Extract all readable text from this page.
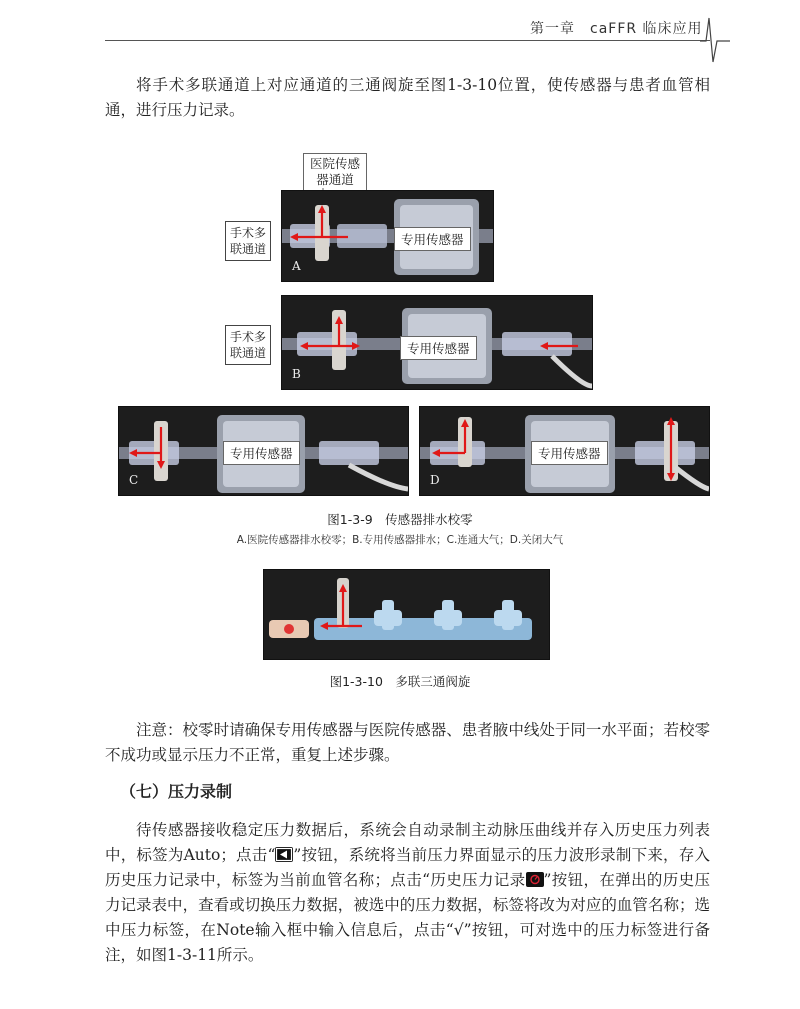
第一章　caFFR 临床应用

将手术多联通道上对应通道的三通阀旋至图1-3-10位置，使传感器与患者血管相通，进行压力记录。

医院传感
器通道
手术多
联通道
手术多
联通道
专用传感器
A
专用传感器
B
专用传感器
C
专用传感器
D
图1-3-9　传感器排水校零
A.医院传感器排水校零；B.专用传感器排水；C.连通大气；D.关闭大气
图1-3-10　多联三通阀旋

注意：校零时请确保专用传感器与医院传感器、患者腋中线处于同一水平面；若校零不成功或显示压力不正常，重复上述步骤。

（七）压力录制

待传感器接收稳定压力数据后，系统会自动录制主动脉压曲线并存入历史压力列表中，标签为Auto；点击“ ”按钮，系统将当前压力界面显示的压力波形录制下来，存入历史压力记录中，标签为当前血管名称；点击“历史压力记录 ”按钮，在弹出的历史压力记录表中，查看或切换压力数据，被选中的压力数据，标签将改为对应的血管名称；选中压力标签，在Note输入框中输入信息后，点击“√”按钮，可对选中的压力标签进行备注，如图1-3-11所示。
